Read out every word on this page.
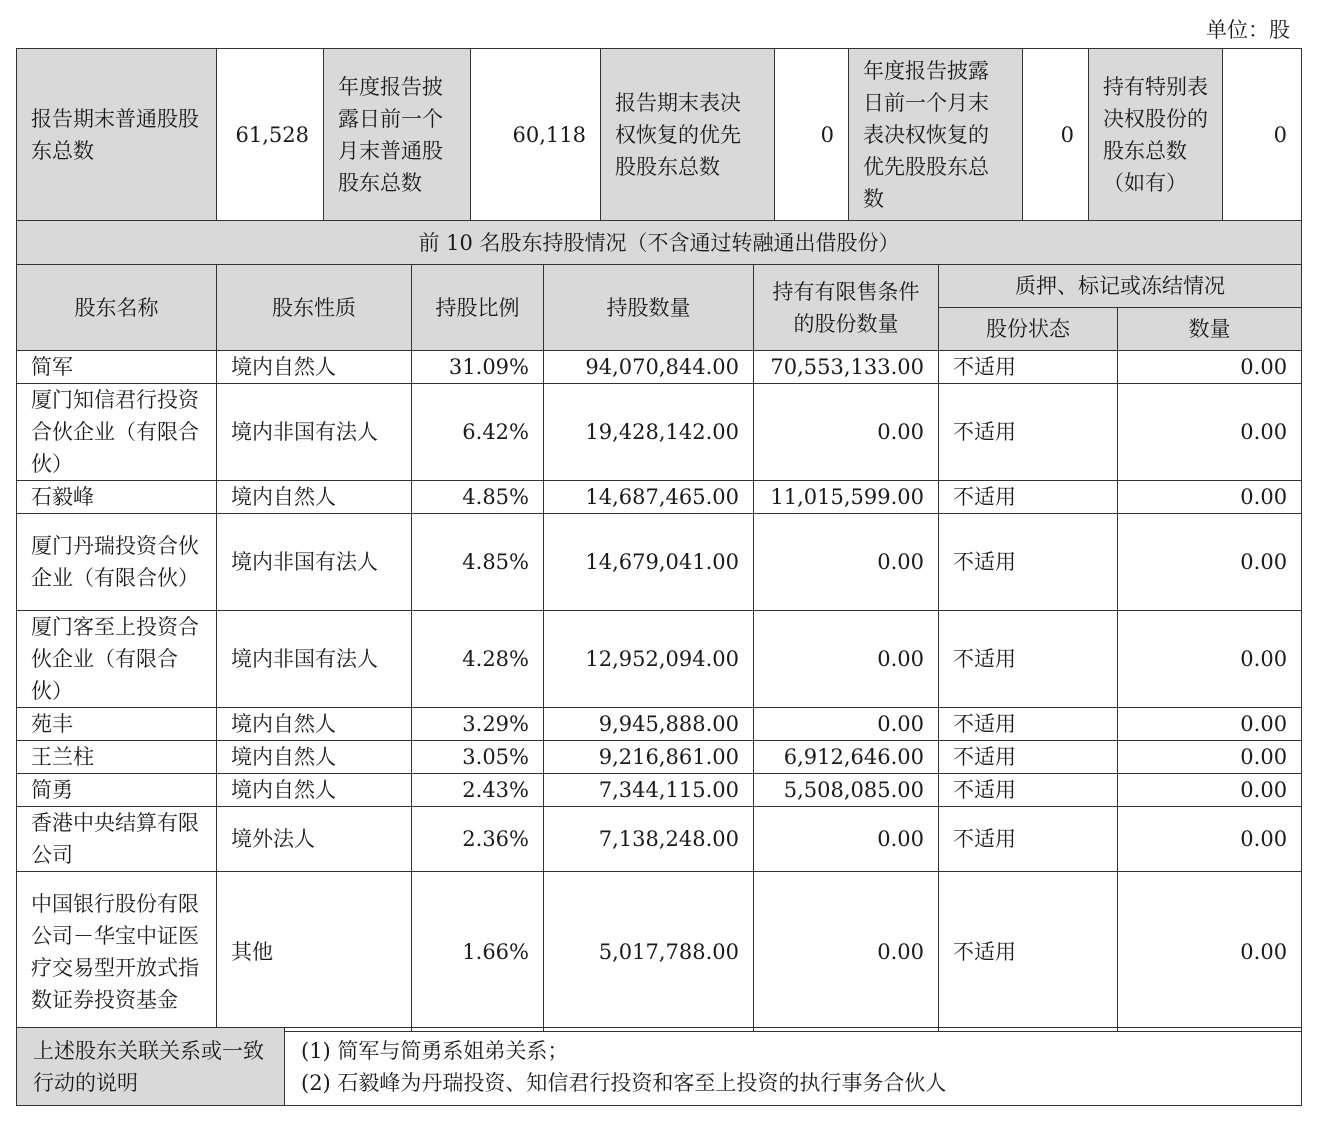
单位：股
报告期末普通股股东总数	61,528	年度报告披露日前一个月末普通股股东总数	60,118	报告期末表决权恢复的优先股股东总数	0	年度报告披露日前一个月末表决权恢复的优先股股东总数	0	持有特别表决权股份的股东总数（如有）	0
前 10 名股东持股情况（不含通过转融通出借股份）						
股东名称	股东性质	持股比例	持股数量	持有有限售条件的股份数量	质押、标记或冻结情况	
					股份状态	数量
简军	境内自然人	31.09%	94,070,844.00	70,553,133.00	不适用	0.00
厦门知信君行投资合伙企业（有限合伙）	境内非国有法人	6.42%	19,428,142.00	0.00	不适用	0.00
石毅峰	境内自然人	4.85%	14,687,465.00	11,015,599.00	不适用	0.00
厦门丹瑞投资合伙企业（有限合伙）	境内非国有法人	4.85%	14,679,041.00	0.00	不适用	0.00
厦门客至上投资合伙企业（有限合伙）	境内非国有法人	4.28%	12,952,094.00	0.00	不适用	0.00
苑丰	境内自然人	3.29%	9,945,888.00	0.00	不适用	0.00
王兰柱	境内自然人	3.05%	9,216,861.00	6,912,646.00	不适用	0.00
简勇	境内自然人	2.43%	7,344,115.00	5,508,085.00	不适用	0.00
香港中央结算有限公司	境外法人	2.36%	7,138,248.00	0.00	不适用	0.00
中国银行股份有限公司－华宝中证医疗交易型开放式指数证券投资基金	其他	1.66%	5,017,788.00	0.00	不适用	0.00
上述股东关联关系或一致行动的说明	
(1) 简军与简勇系姐弟关系；
(2) 石毅峰为丹瑞投资、知信君行投资和客至上投资的执行事务合伙人
